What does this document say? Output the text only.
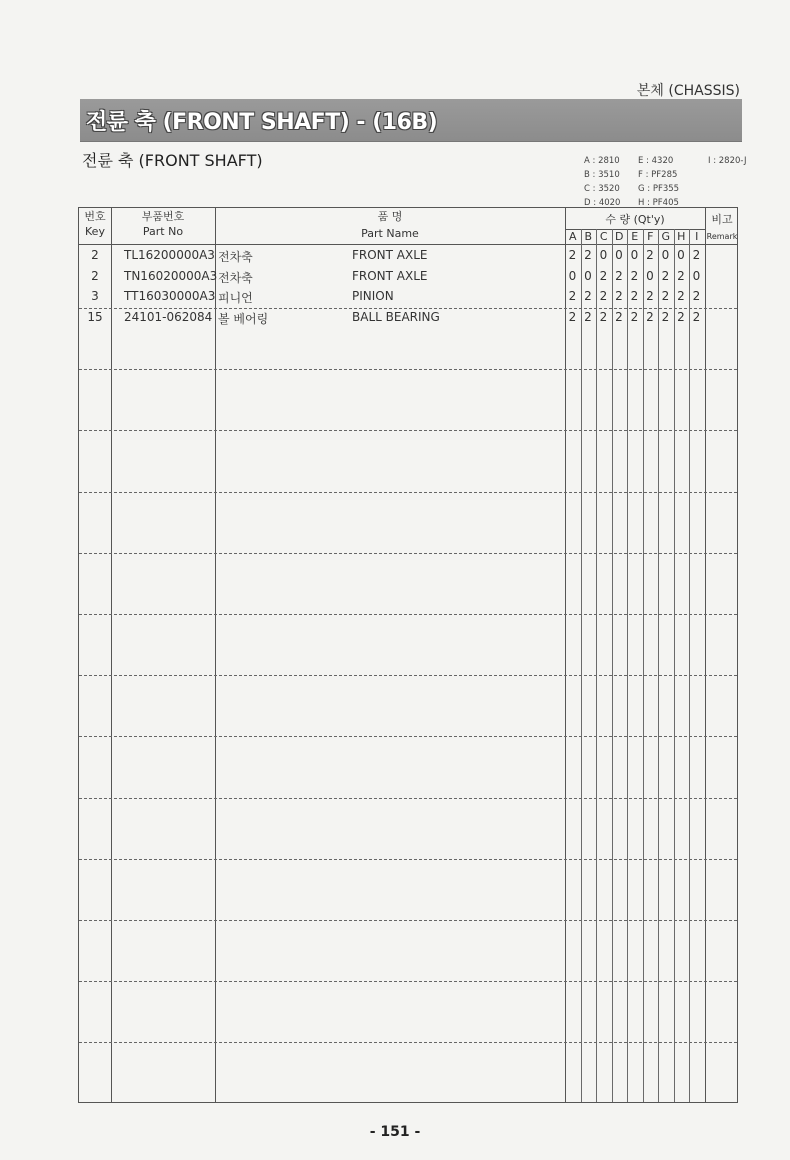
본체 (CHASSIS)
전륜 축 (FRONT SHAFT) - (16B)
전륜 축 (FRONT SHAFT)	A : 2810
B : 3510
C : 3520
D : 4020
E : 4320
F : PF285
G : PF355
H : PF405
I : 2820-J
번호
Key
부품번호
Part No
품 명
Part Name
수 량 (Qt'y)	비고
Remark
A B C D E F G H I
2	TL16200000A3 전차축	FRONT AXLE	2 2 0 0 0 2 0 0 2
2	TN16020000A3 전차축	FRONT AXLE	0 0 2 2 2 0 2 2 0
3	TT16030000A3 피니언	PINION	2 2 2 2 2 2 2 2 2
15	24101-062084 볼 베어링	BALL BEARING	2 2 2 2 2 2 2 2 2
- 151 -
